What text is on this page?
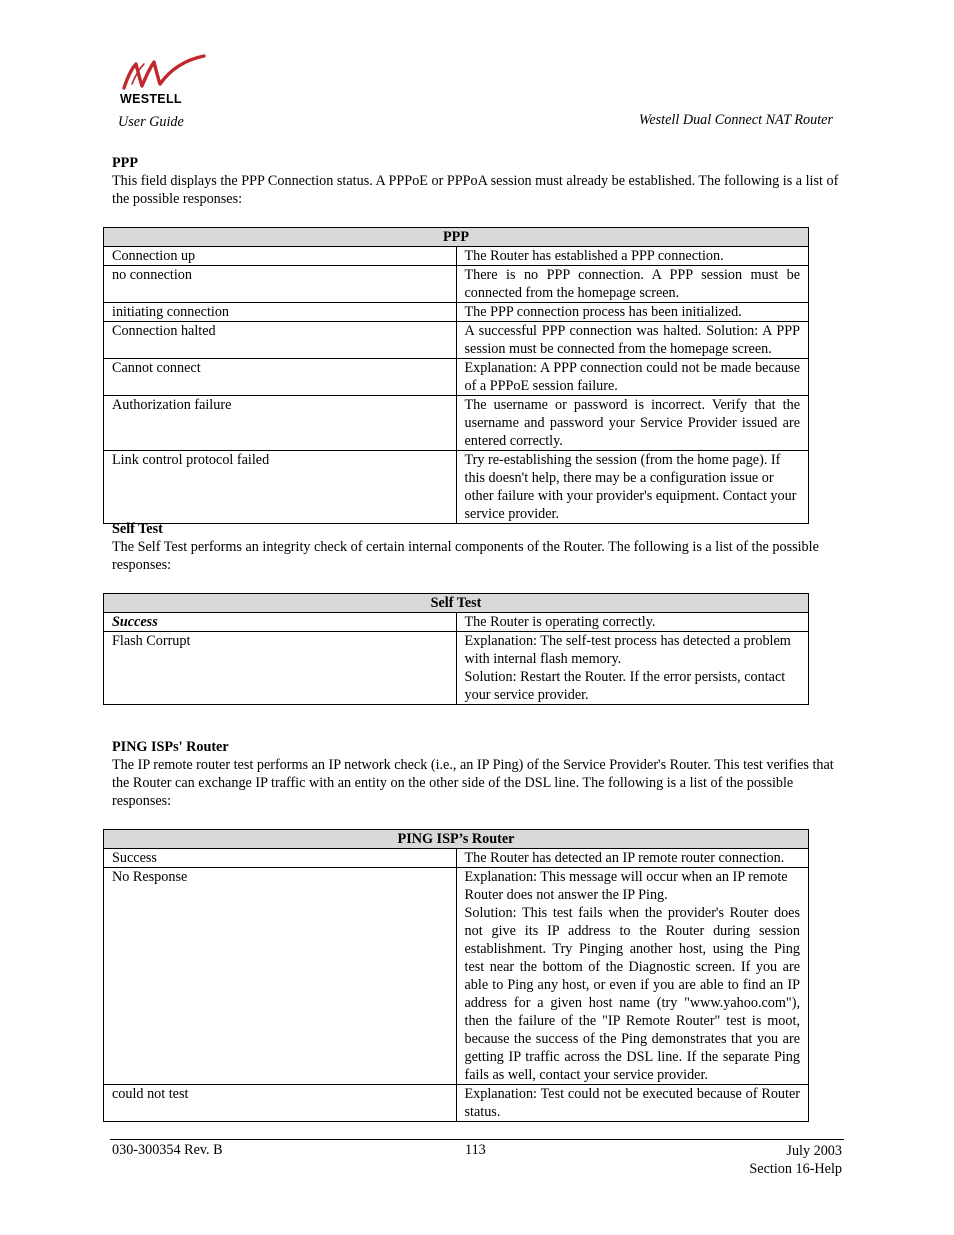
WESTELL
User Guide	Westell Dual Connect NAT Router
PPP

This field displays the PPP Connection status. A PPPoE or PPPoA session must already be established. The following is a list of the possible responses:

PPP	
Connection up	The Router has established a PPP connection.
no connection	There is no PPP connection. A PPP session must be connected from the homepage screen.
initiating connection	The PPP connection process has been initialized.
Connection halted	A successful PPP connection was halted. Solution: A PPP session must be connected from the homepage screen.
Cannot connect	Explanation: A PPP connection could not be made because of a PPPoE session failure.
Authorization failure	The username or password is incorrect. Verify that the username and password your Service Provider issued are entered correctly.
Link control protocol failed	Try re-establishing the session (from the home page). If this doesn't help, there may be a configuration issue or other failure with your provider's equipment. Contact your service provider.
Self Test

The Self Test performs an integrity check of certain internal components of the Router. The following is a list of the possible responses:

Self Test	
Success	The Router is operating correctly.
Flash Corrupt	Explanation: The self-test process has detected a problem with internal flash memory.
Solution: Restart the Router. If the error persists, contact your service provider.
PING ISPs' Router

The IP remote router test performs an IP network check (i.e., an IP Ping) of the Service Provider's Router. This test verifies that the Router can exchange IP traffic with an entity on the other side of the DSL line. The following is a list of the possible responses:

PING ISP’s Router	
Success	The Router has detected an IP remote router connection.
No Response	Explanation: This message will occur when an IP remote Router does not answer the IP Ping.
Solution: This test fails when the provider's Router does not give its IP address to the Router during session establishment. Try Pinging another host, using the Ping test near the bottom of the Diagnostic screen. If you are able to Ping any host, or even if you are able to find an IP address for a given host name (try "www.yahoo.com"), then the failure of the "IP Remote Router" test is moot, because the success of the Ping demonstrates that you are getting IP traffic across the DSL line. If the separate Ping fails as well, contact your service provider.

could not test	Explanation: Test could not be executed because of Router status.
030-300354 Rev. B	113	July 2003
Section 16-Help
